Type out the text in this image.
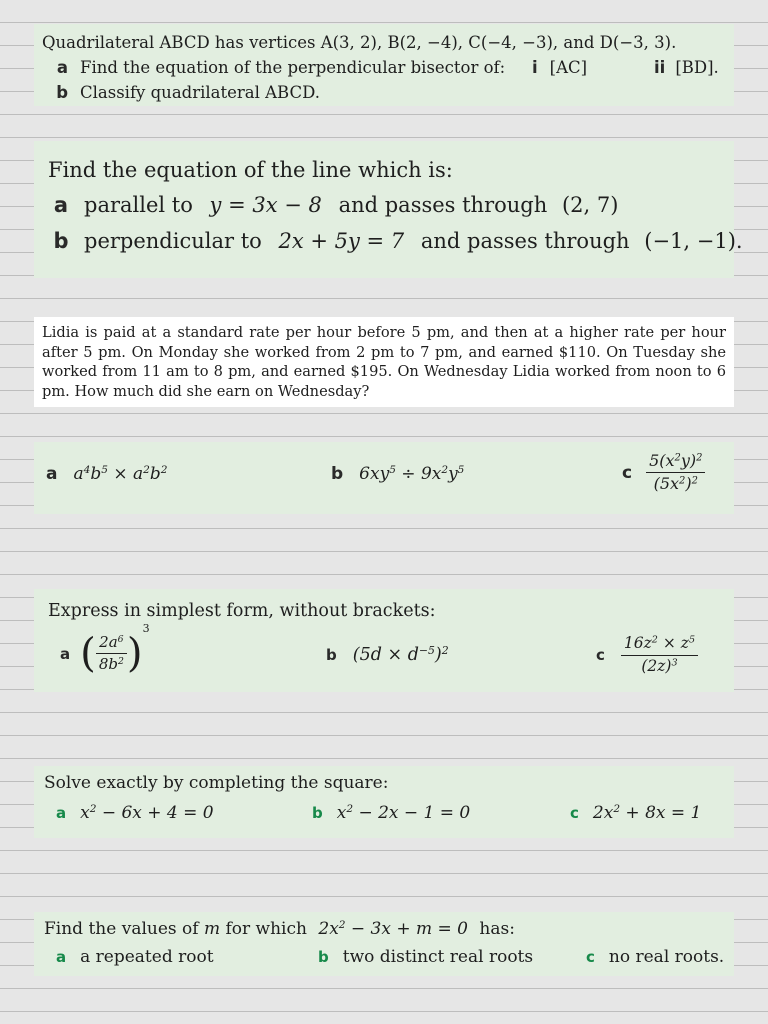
Quadrilateral ABCD has vertices A(3, 2), B(2, −4), C(−4, −3), and D(−3, 3).
a Find the equation of the perpendicular bisector of: i [AC]	ii [BD].
b Classify quadrilateral ABCD.
Find the equation of the line which is:
a parallel to y = 3x − 8 and passes through (2, 7)
b perpendicular to 2x + 5y = 7 and passes through (−1, −1).
Lidia is paid at a standard rate per hour before 5 pm, and then at a higher rate per hour after 5 pm. On Monday she worked from 2 pm to 7 pm, and earned $110. On Tuesday she worked from 11 am to 8 pm, and earned $195. On Wednesday Lidia worked from noon to 6 pm. How much did she earn on Wednesday?
a $a^4b^5 \times a^2b^2$	b $6xy^5 \div 9x^2y^5$	c $\frac{5(x^2y)^2}{(5x^2)^2}$
Express in simplest form, without brackets:
a ( $\frac{2a^6}{8b^2} )^3$
b $(5d \times d^{-5})^2$	c $\frac{16z^2 \times z^5}{(2z)^3}$
Solve exactly by completing the square:
a $x^2 - 6x + 4 = 0$	b $x^2 - 2x - 1 = 0$	c $2x^2 + 8x = 1$
Find the values of m for which $2x^2 - 3x + m = 0$ has:
a a repeated root	b two distinct real roots	c no real roots.
